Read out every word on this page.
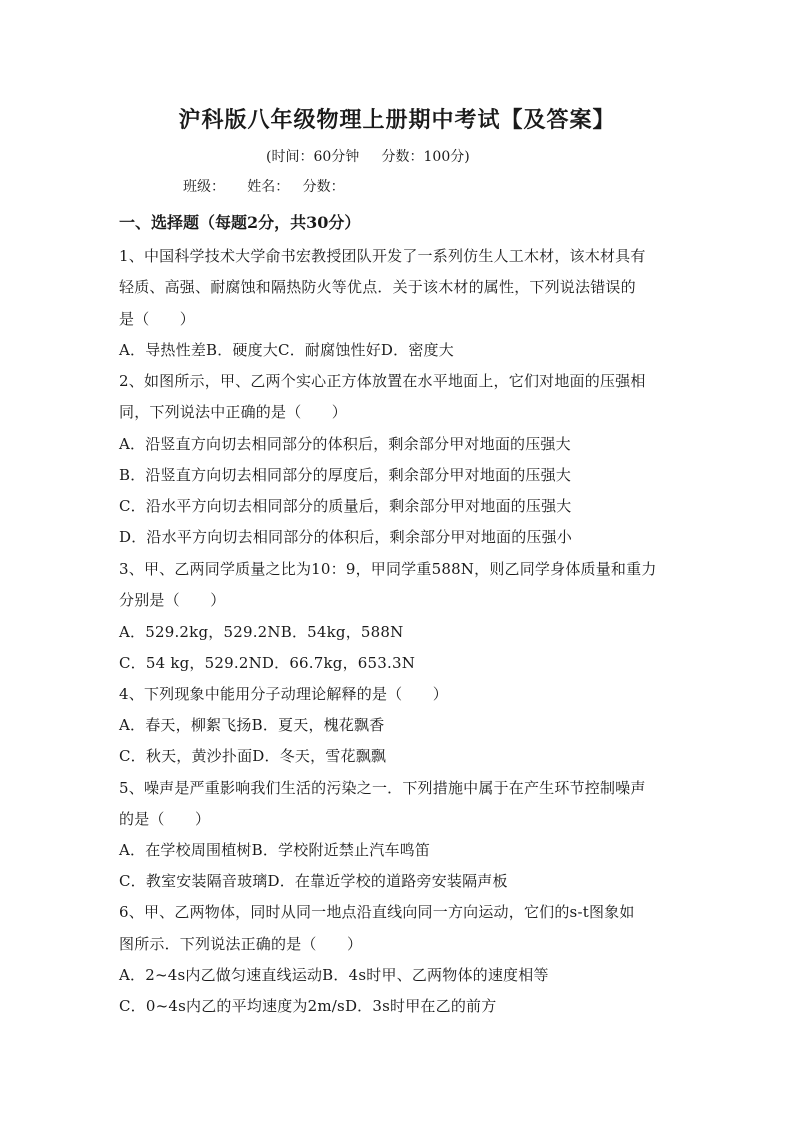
沪科版八年级物理上册期中考试【及答案】
(时间：60分钟     分数：100分)
班级：     姓名：   分数：
一、选择题（每题2分，共30分）
1、中国科学技术大学俞书宏教授团队开发了一系列仿生人工木材，该木材具有
轻质、高强、耐腐蚀和隔热防火等优点．关于该木材的属性，下列说法错误的
是（　　）
A．导热性差B．硬度大C．耐腐蚀性好D．密度大
2、如图所示，甲、乙两个实心正方体放置在水平地面上，它们对地面的压强相
同，下列说法中正确的是（　　）
A．沿竖直方向切去相同部分的体积后，剩余部分甲对地面的压强大
B．沿竖直方向切去相同部分的厚度后，剩余部分甲对地面的压强大
C．沿水平方向切去相同部分的质量后，剩余部分甲对地面的压强大
D．沿水平方向切去相同部分的体积后，剩余部分甲对地面的压强小
3、甲、乙两同学质量之比为10：9，甲同学重588N，则乙同学身体质量和重力
分别是（　　）
A．529.2kg，529.2NB．54kg，588N
C．54 kg，529.2ND．66.7kg，653.3N
4、下列现象中能用分子动理论解释的是（　　）
A．春天，柳絮飞扬B．夏天，槐花飘香
C．秋天，黄沙扑面D．冬天，雪花飘飘
5、噪声是严重影响我们生活的污染之一．下列措施中属于在产生环节控制噪声
的是（　　）
A．在学校周围植树B．学校附近禁止汽车鸣笛
C．教室安装隔音玻璃D．在靠近学校的道路旁安装隔声板
6、甲、乙两物体，同时从同一地点沿直线向同一方向运动，它们的s-t图象如
图所示．下列说法正确的是（　　）
A．2~4s内乙做匀速直线运动B．4s时甲、乙两物体的速度相等
C．0~4s内乙的平均速度为2m/sD．3s时甲在乙的前方
